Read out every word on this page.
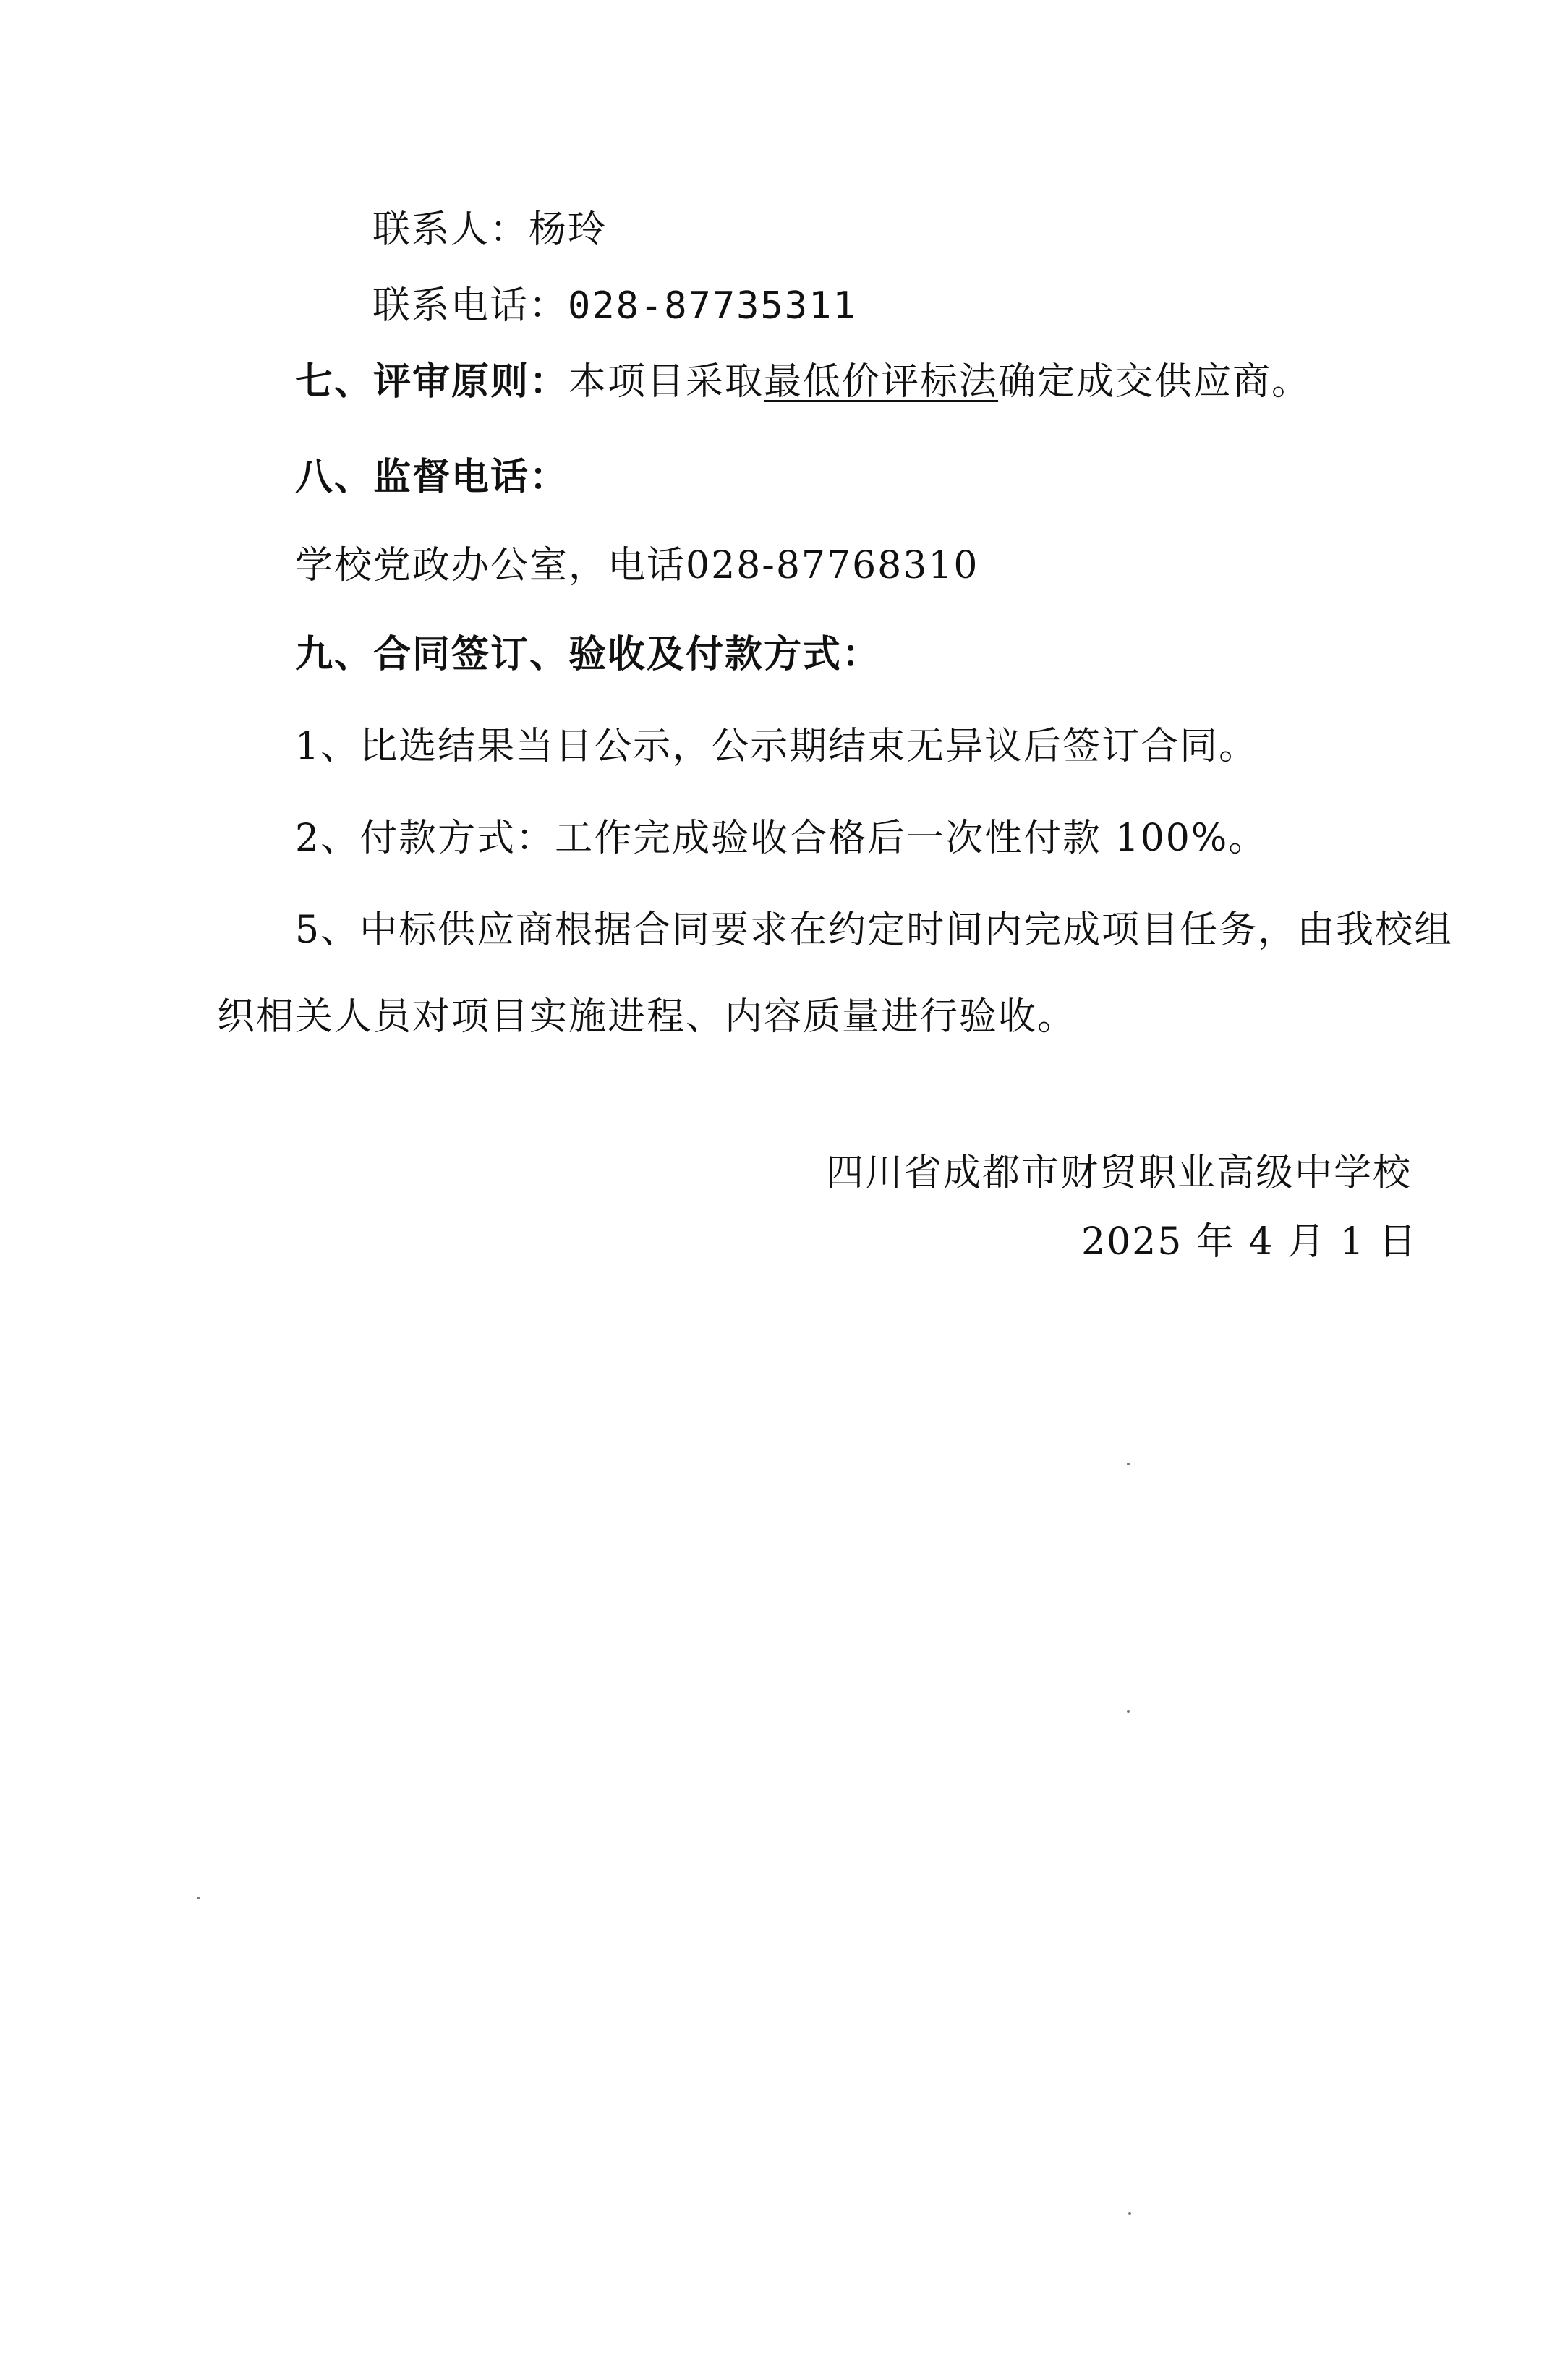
联系人：杨玲
联系电话：028-87735311
七、评审原则：本项目采取最低价评标法确定成交供应商。
八、监督电话：
学校党政办公室，电话028-87768310
九、合同签订、验收及付款方式：
1、比选结果当日公示，公示期结束无异议后签订合同。
2、付款方式：工作完成验收合格后一次性付款 100%。
5、中标供应商根据合同要求在约定时间内完成项目任务，由我校组
织相关人员对项目实施进程、内容质量进行验收。
四川省成都市财贸职业高级中学校
2025 年 4 月 1 日
